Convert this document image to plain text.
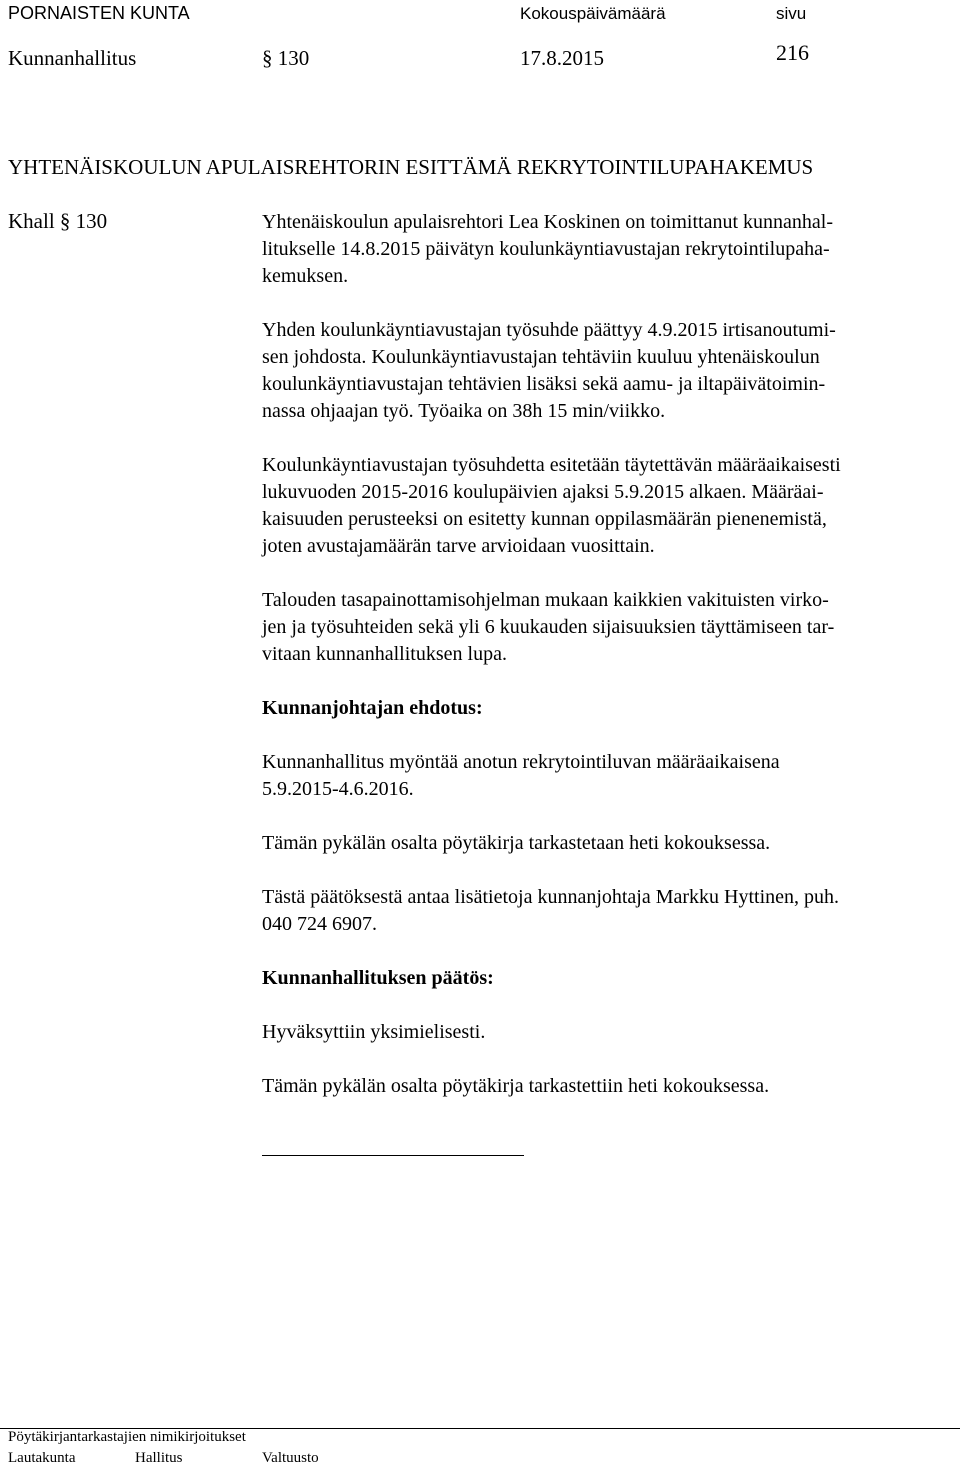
PORNAISTEN KUNTA	Kokouspäivämäärä	sivu
Kunnanhallitus	§ 130	17.8.2015	216
YHTENÄISKOULUN APULAISREHTORIN ESITTÄMÄ REKRYTOINTILUPAHAKEMUS
Khall § 130	Yhtenäiskoulun apulaisrehtori Lea Koskinen on toimittanut kunnanhal-
litukselle 14.8.2015 päivätyn koulunkäyntiavustajan rekrytointilupaha-
kemuksen.

Yhden koulunkäyntiavustajan työsuhde päättyy 4.9.2015 irtisanoutumi-
sen johdosta. Koulunkäyntiavustajan tehtäviin kuuluu yhtenäiskoulun
koulunkäyntiavustajan tehtävien lisäksi sekä aamu- ja iltapäivätoimin-
nassa ohjaajan työ. Työaika on 38h 15 min/viikko.

Koulunkäyntiavustajan työsuhdetta esitetään täytettävän määräaikaisesti
lukuvuoden 2015-2016 koulupäivien ajaksi 5.9.2015 alkaen. Määräai-
kaisuuden perusteeksi on esitetty kunnan oppilasmäärän pienenemistä,
joten avustajamäärän tarve arvioidaan vuosittain.

Talouden tasapainottamisohjelman mukaan kaikkien vakituisten virko-
jen ja työsuhteiden sekä yli 6 kuukauden sijaisuuksien täyttämiseen tar-
vitaan kunnanhallituksen lupa.

Kunnanjohtajan ehdotus:

Kunnanhallitus myöntää anotun rekrytointiluvan määräaikaisena
5.9.2015-4.6.2016.

Tämän pykälän osalta pöytäkirja tarkastetaan heti kokouksessa.

Tästä päätöksestä antaa lisätietoja kunnanjohtaja Markku Hyttinen, puh.
040 724 6907.

Kunnanhallituksen päätös:

Hyväksyttiin yksimielisesti.

Tämän pykälän osalta pöytäkirja tarkastettiin heti kokouksessa.

Pöytäkirjantarkastajien nimikirjoitukset
Lautakunta	Hallitus	Valtuusto
